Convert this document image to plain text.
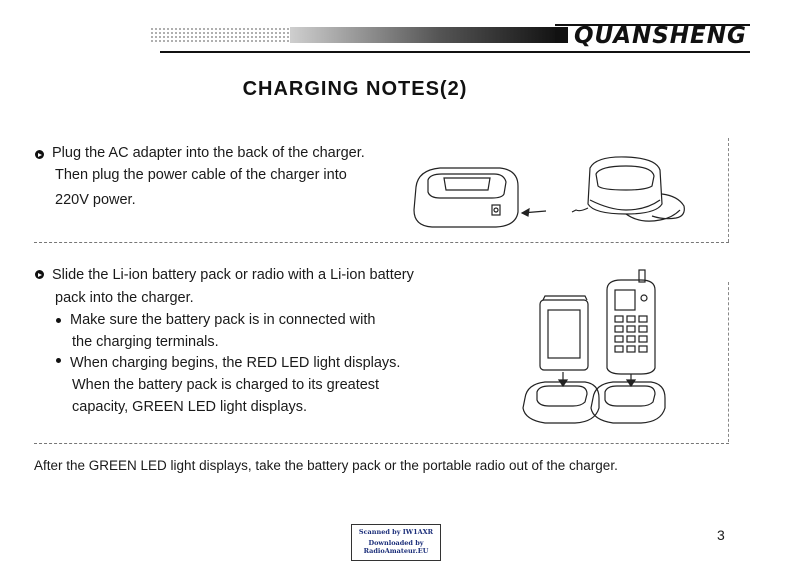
QUANSHENG
CHARGING NOTES(2)
Plug the AC adapter into the back of the charger.
Then plug the power cable of the charger into
220V power.
Slide the Li-ion battery pack or radio with a Li-ion battery
pack into the charger.
Make sure the battery pack is in connected with
the charging terminals.
When charging begins, the RED LED light displays.
When the battery pack is charged to its greatest
capacity, GREEN LED light displays.
After the GREEN LED light displays, take the battery pack or the portable radio out of the charger.
Scanned by IW1AXR
Downloaded by
RadioAmateur.EU
3
